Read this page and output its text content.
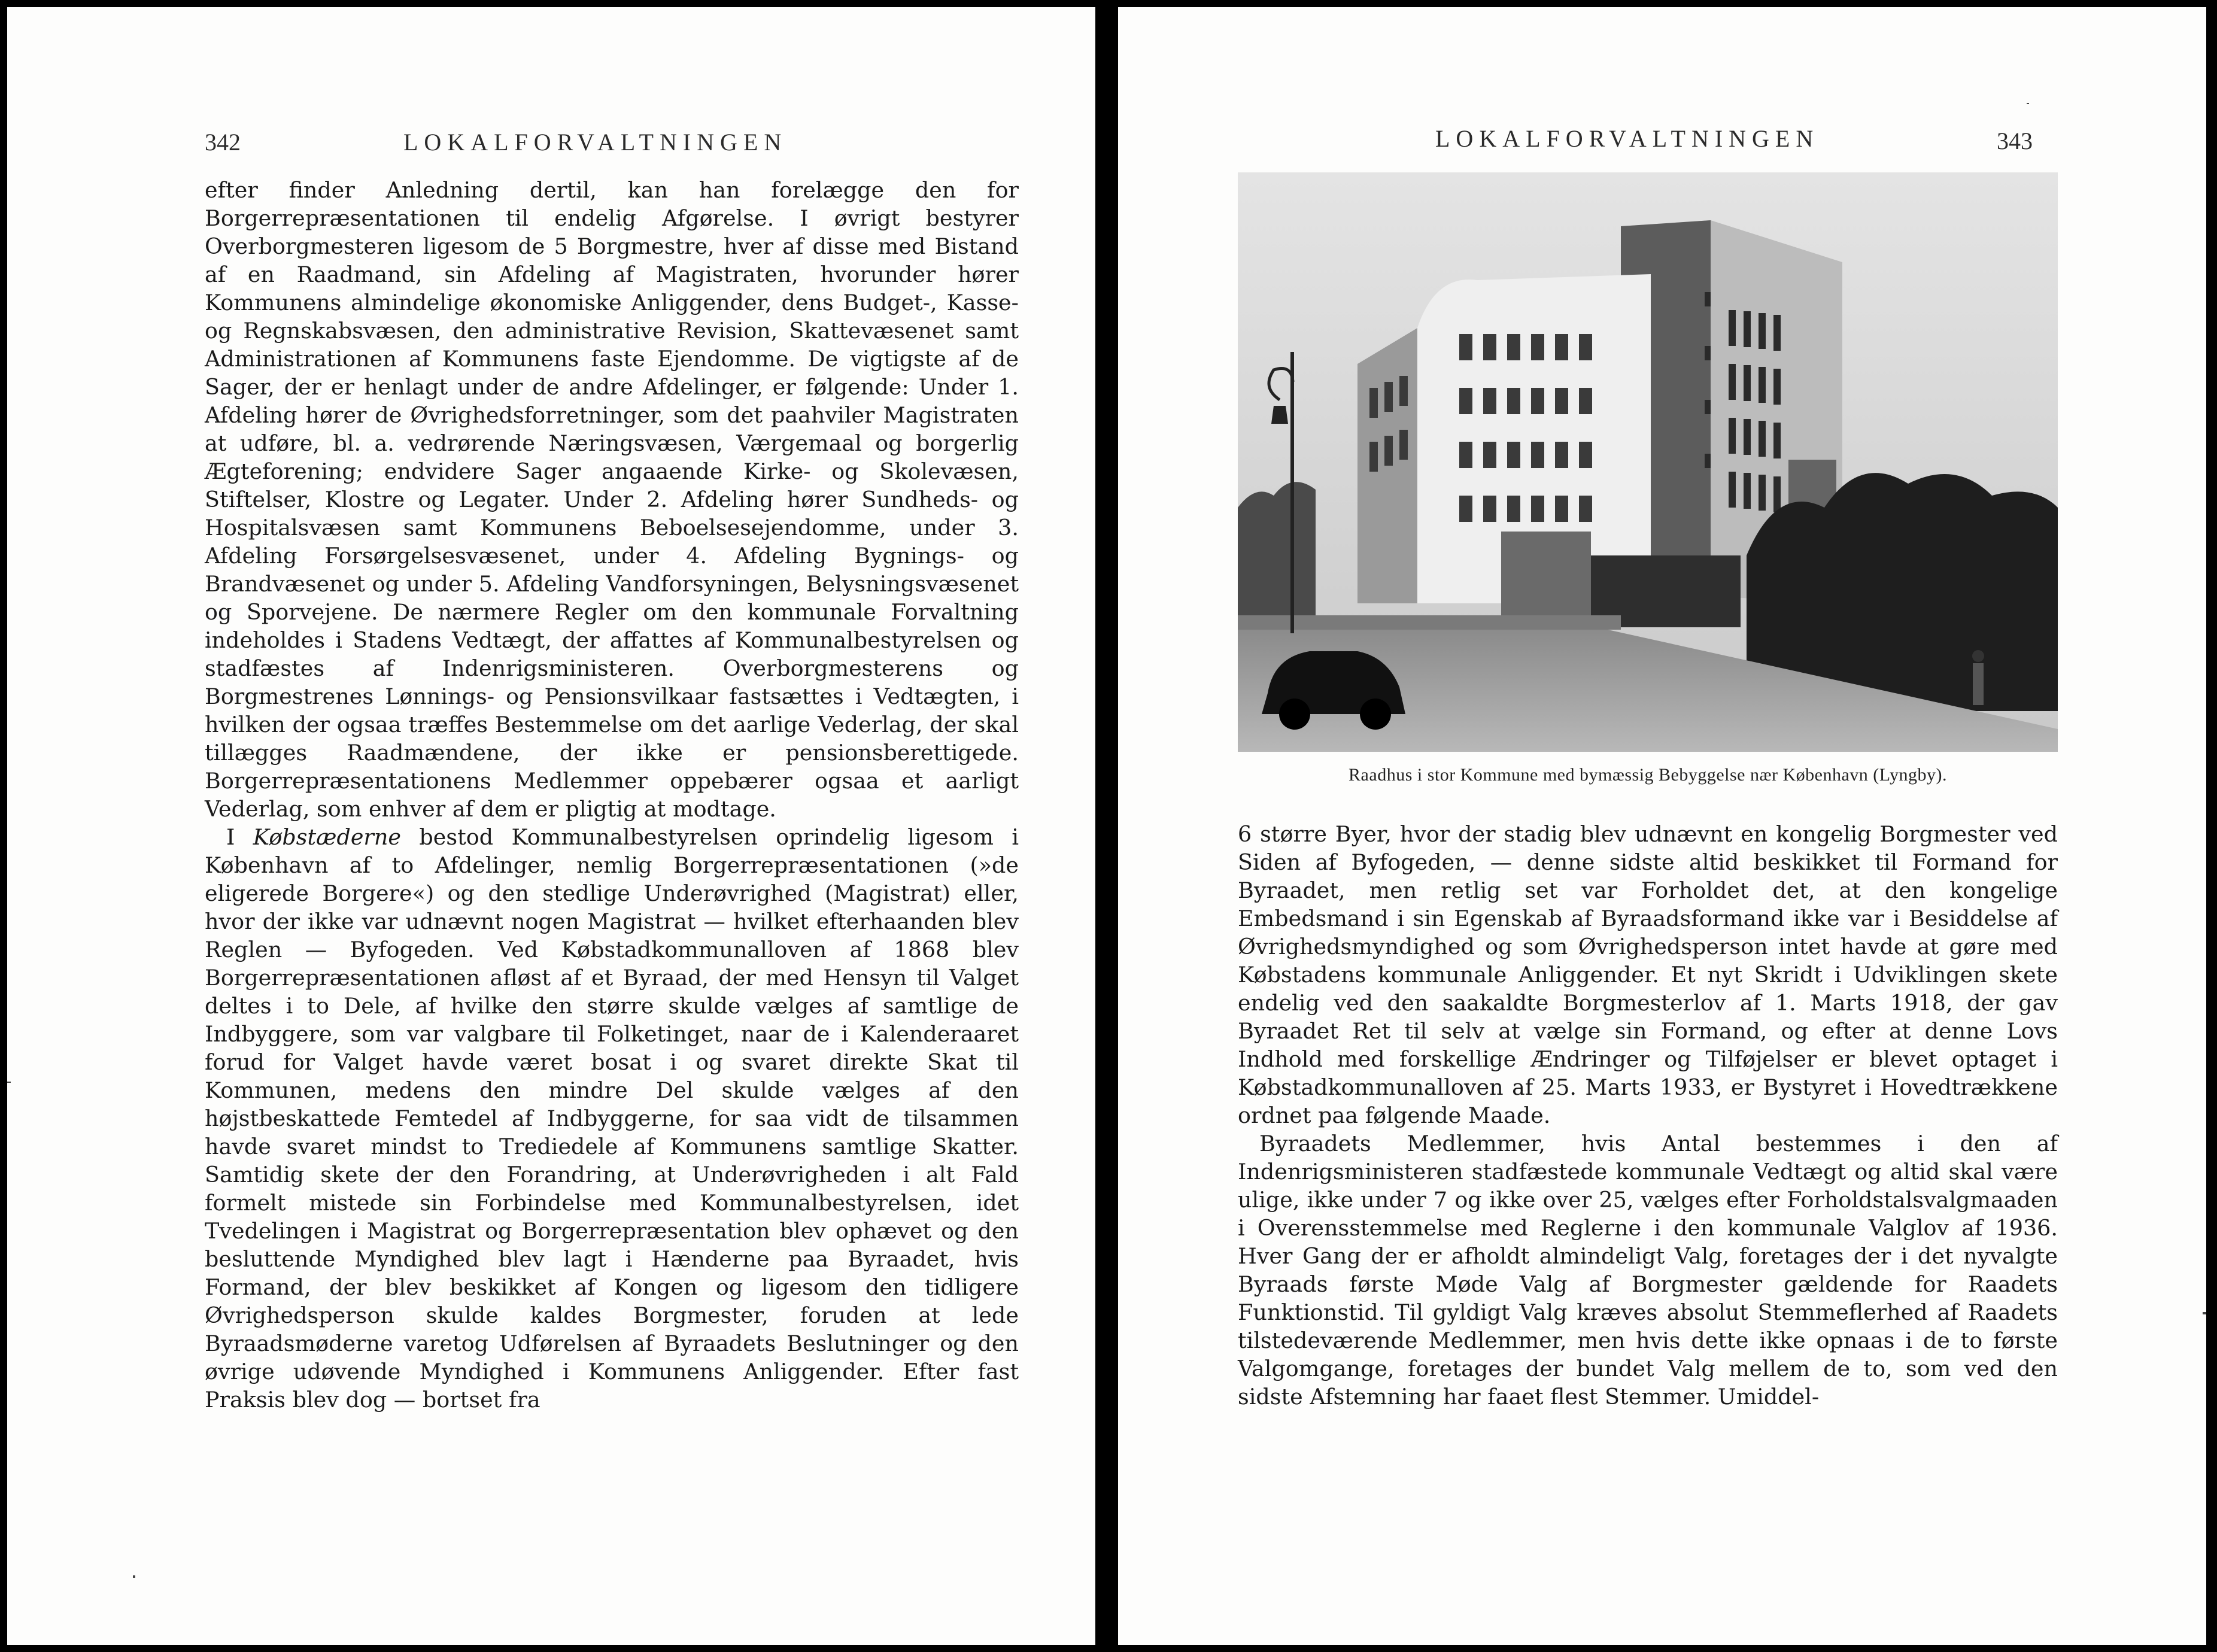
342	LOKALFORVALTNINGEN

efter finder Anledning dertil, kan han forelægge den for Borgerrepræsentationen til endelig Afgørelse. I øvrigt bestyrer Overborgmesteren ligesom de 5 Borgmestre, hver af disse med Bistand af en Raadmand, sin Afdeling af Magistraten, hvorunder hører Kommunens almindelige økonomiske Anliggender, dens Budget-, Kasse- og Regnskabsvæsen, den administrative Revision, Skattevæsenet samt Administrationen af Kommunens faste Ejendomme. De vigtigste af de Sager, der er henlagt under de andre Afdelinger, er følgende: Under 1. Afdeling hører de Øvrighedsforretninger, som det paahviler Magistraten at udføre, bl. a. vedrørende Næringsvæsen, Værgemaal og borgerlig Ægteforening; endvidere Sager angaaende Kirke- og Skolevæsen, Stiftelser, Klostre og Legater. Under 2. Afdeling hører Sundheds- og Hospitalsvæsen samt Kommunens Beboelsesejendomme, under 3. Afdeling Forsørgelsesvæsenet, under 4. Afdeling Bygnings- og Brandvæsenet og under 5. Afdeling Vandforsyningen, Belysningsvæsenet og Sporvejene. De nærmere Regler om den kommunale Forvaltning indeholdes i Stadens Vedtægt, der affattes af Kommunalbestyrelsen og stadfæstes af Indenrigsministeren. Overborgmesterens og Borgmestrenes Lønnings- og Pensionsvilkaar fastsættes i Vedtægten, i hvilken der ogsaa træffes Bestemmelse om det aarlige Vederlag, der skal tillægges Raadmændene, der ikke er pensionsberettigede. Borgerrepræsentationens Medlemmer oppebærer ogsaa et aarligt Vederlag, som enhver af dem er pligtig at modtage.

I Købstæderne bestod Kommunalbestyrelsen oprindelig ligesom i København af to Afdelinger, nemlig Borgerrepræsentationen (»de eligerede Borgere«) og den stedlige Underøvrighed (Magistrat) eller, hvor der ikke var udnævnt nogen Magistrat — hvilket efterhaanden blev Reglen — Byfogeden. Ved Købstadkommunalloven af 1868 blev Borgerrepræsentationen afløst af et Byraad, der med Hensyn til Valget deltes i to Dele, af hvilke den større skulde vælges af samtlige de Indbyggere, som var valgbare til Folketinget, naar de i Kalenderaaret forud for Valget havde været bosat i og svaret direkte Skat til Kommunen, medens den mindre Del skulde vælges af den højstbeskattede Femtedel af Indbyggerne, for saa vidt de tilsammen havde svaret mindst to Trediedele af Kommunens samtlige Skatter. Samtidig skete der den Forandring, at Underøvrigheden i alt Fald formelt mistede sin Forbindelse med Kommunalbestyrelsen, idet Tvedelingen i Magistrat og Borgerrepræsentation blev ophævet og den besluttende Myndighed blev lagt i Hænderne paa Byraadet, hvis Formand, der blev beskikket af Kongen og ligesom den tidligere Øvrighedsperson skulde kaldes Borgmester, foruden at lede Byraadsmøderne varetog Udførelsen af Byraadets Beslutninger og den øvrige udøvende Myndighed i Kommunens Anliggender. Efter fast Praksis blev dog — bortset fra

LOKALFORVALTNINGEN	343
Raadhus i stor Kommune med bymæssig Bebyggelse nær København (Lyngby).

6 større Byer, hvor der stadig blev udnævnt en kongelig Borgmester ved Siden af Byfogeden, — denne sidste altid beskikket til Formand for Byraadet, men retlig set var Forholdet det, at den kongelige Embedsmand i sin Egenskab af Byraadsformand ikke var i Besiddelse af Øvrighedsmyndighed og som Øvrighedsperson intet havde at gøre med Købstadens kommunale Anliggender. Et nyt Skridt i Udviklingen skete endelig ved den saakaldte Borgmesterlov af 1. Marts 1918, der gav Byraadet Ret til selv at vælge sin Formand, og efter at denne Lovs Indhold med forskellige Ændringer og Tilføjelser er blevet optaget i Købstadkommunalloven af 25. Marts 1933, er Bystyret i Hovedtrækkene ordnet paa følgende Maade.

Byraadets Medlemmer, hvis Antal bestemmes i den af Indenrigsministeren stadfæstede kommunale Vedtægt og altid skal være ulige, ikke under 7 og ikke over 25, vælges efter Forholdstalsvalgmaaden i Overensstemmelse med Reglerne i den kommunale Valglov af 1936. Hver Gang der er afholdt almindeligt Valg, foretages der i det nyvalgte Byraads første Møde Valg af Borgmester gældende for Raadets Funktionstid. Til gyldigt Valg kræves absolut Stemmeflerhed af Raadets tilstedeværende Medlemmer, men hvis dette ikke opnaas i de to første Valgomgange, foretages der bundet Valg mellem de to, som ved den sidste Afstemning har faaet flest Stemmer. Umiddel-
